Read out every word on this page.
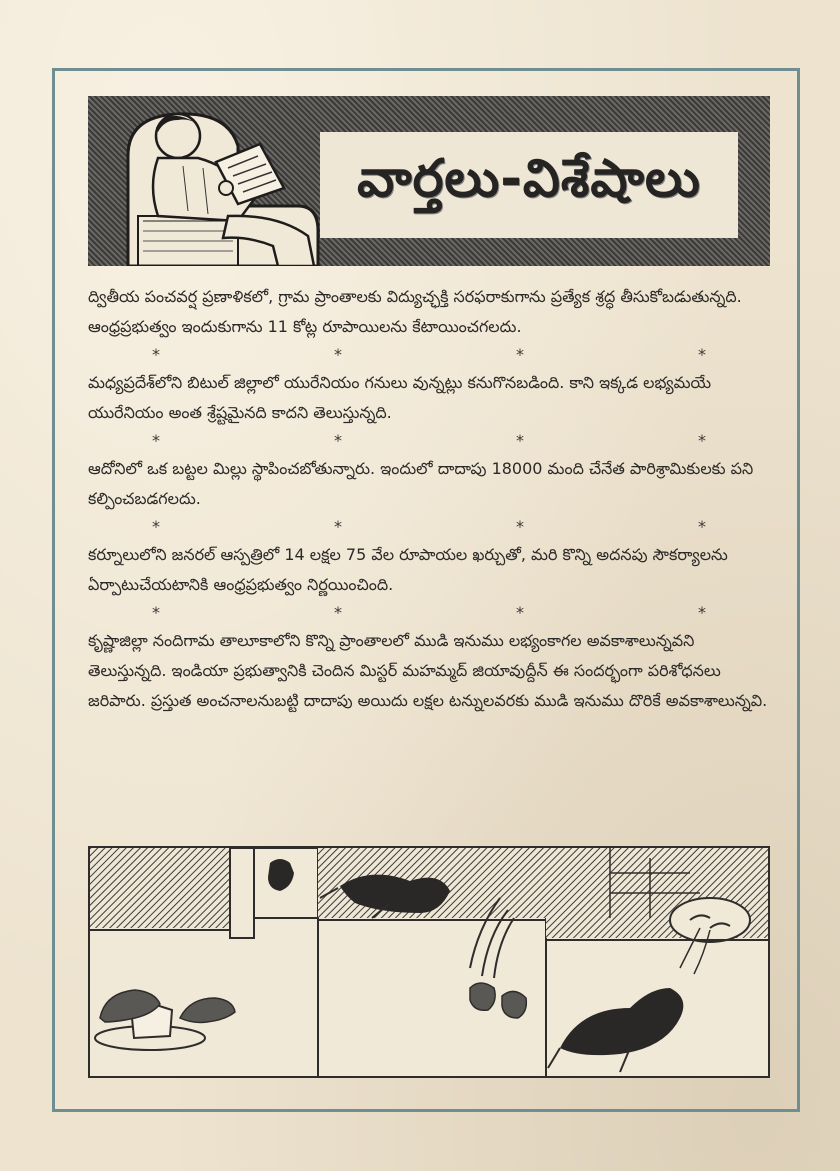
వార్తలు-విశేషాలు

ద్వితీయ పంచవర్ష ప్రణాళికలో, గ్రామ ప్రాంతాలకు విద్యుచ్ఛక్తి సరఫరాకుగాను ప్రత్యేక శ్రద్ధ తీసుకోబడుతున్నది. ఆంధ్రప్రభుత్వం ఇందుకుగాను 11 కోట్ల రూపాయిలను కేటాయించగలదు.

*	*	*	*

మధ్యప్రదేశ్‌లోని బిటుల్ జిల్లాలో యురేనియం గనులు వున్నట్లు కనుగొనబడింది. కాని ఇక్కడ లభ్యమయే యురేనియం అంత శ్రేష్టమైనది కాదని తెలుస్తున్నది.

*	*	*	*

ఆదోనిలో ఒక బట్టల మిల్లు స్థాపించబోతున్నారు. ఇందులో దాదాపు 18000 మంది చేనేత పారిశ్రామికులకు పని కల్పించబడగలదు.

*	*	*	*

కర్నూలులోని జనరల్ ఆస్పత్రిలో 14 లక్షల 75 వేల రూపాయల ఖర్చుతో, మరి కొన్ని అదనపు సౌకర్యాలను ఏర్పాటుచేయటానికి ఆంధ్రప్రభుత్వం నిర్ణయించింది.

*	*	*	*

కృష్ణాజిల్లా నందిగామ తాలూకాలోని కొన్ని ప్రాంతాలలో ముడి ఇనుము లభ్యంకాగల అవకాశాలున్నవని తెలుస్తున్నది. ఇండియా ప్రభుత్వానికి చెందిన మిస్టర్ మహమ్మద్ జియావుద్దీన్ ఈ సందర్భంగా పరిశోధనలు జరిపారు. ప్రస్తుత అంచనాలనుబట్టి దాదాపు అయిదు లక్షల టన్నులవరకు ముడి ఇనుము దొరికే అవకాశాలున్నవి.
